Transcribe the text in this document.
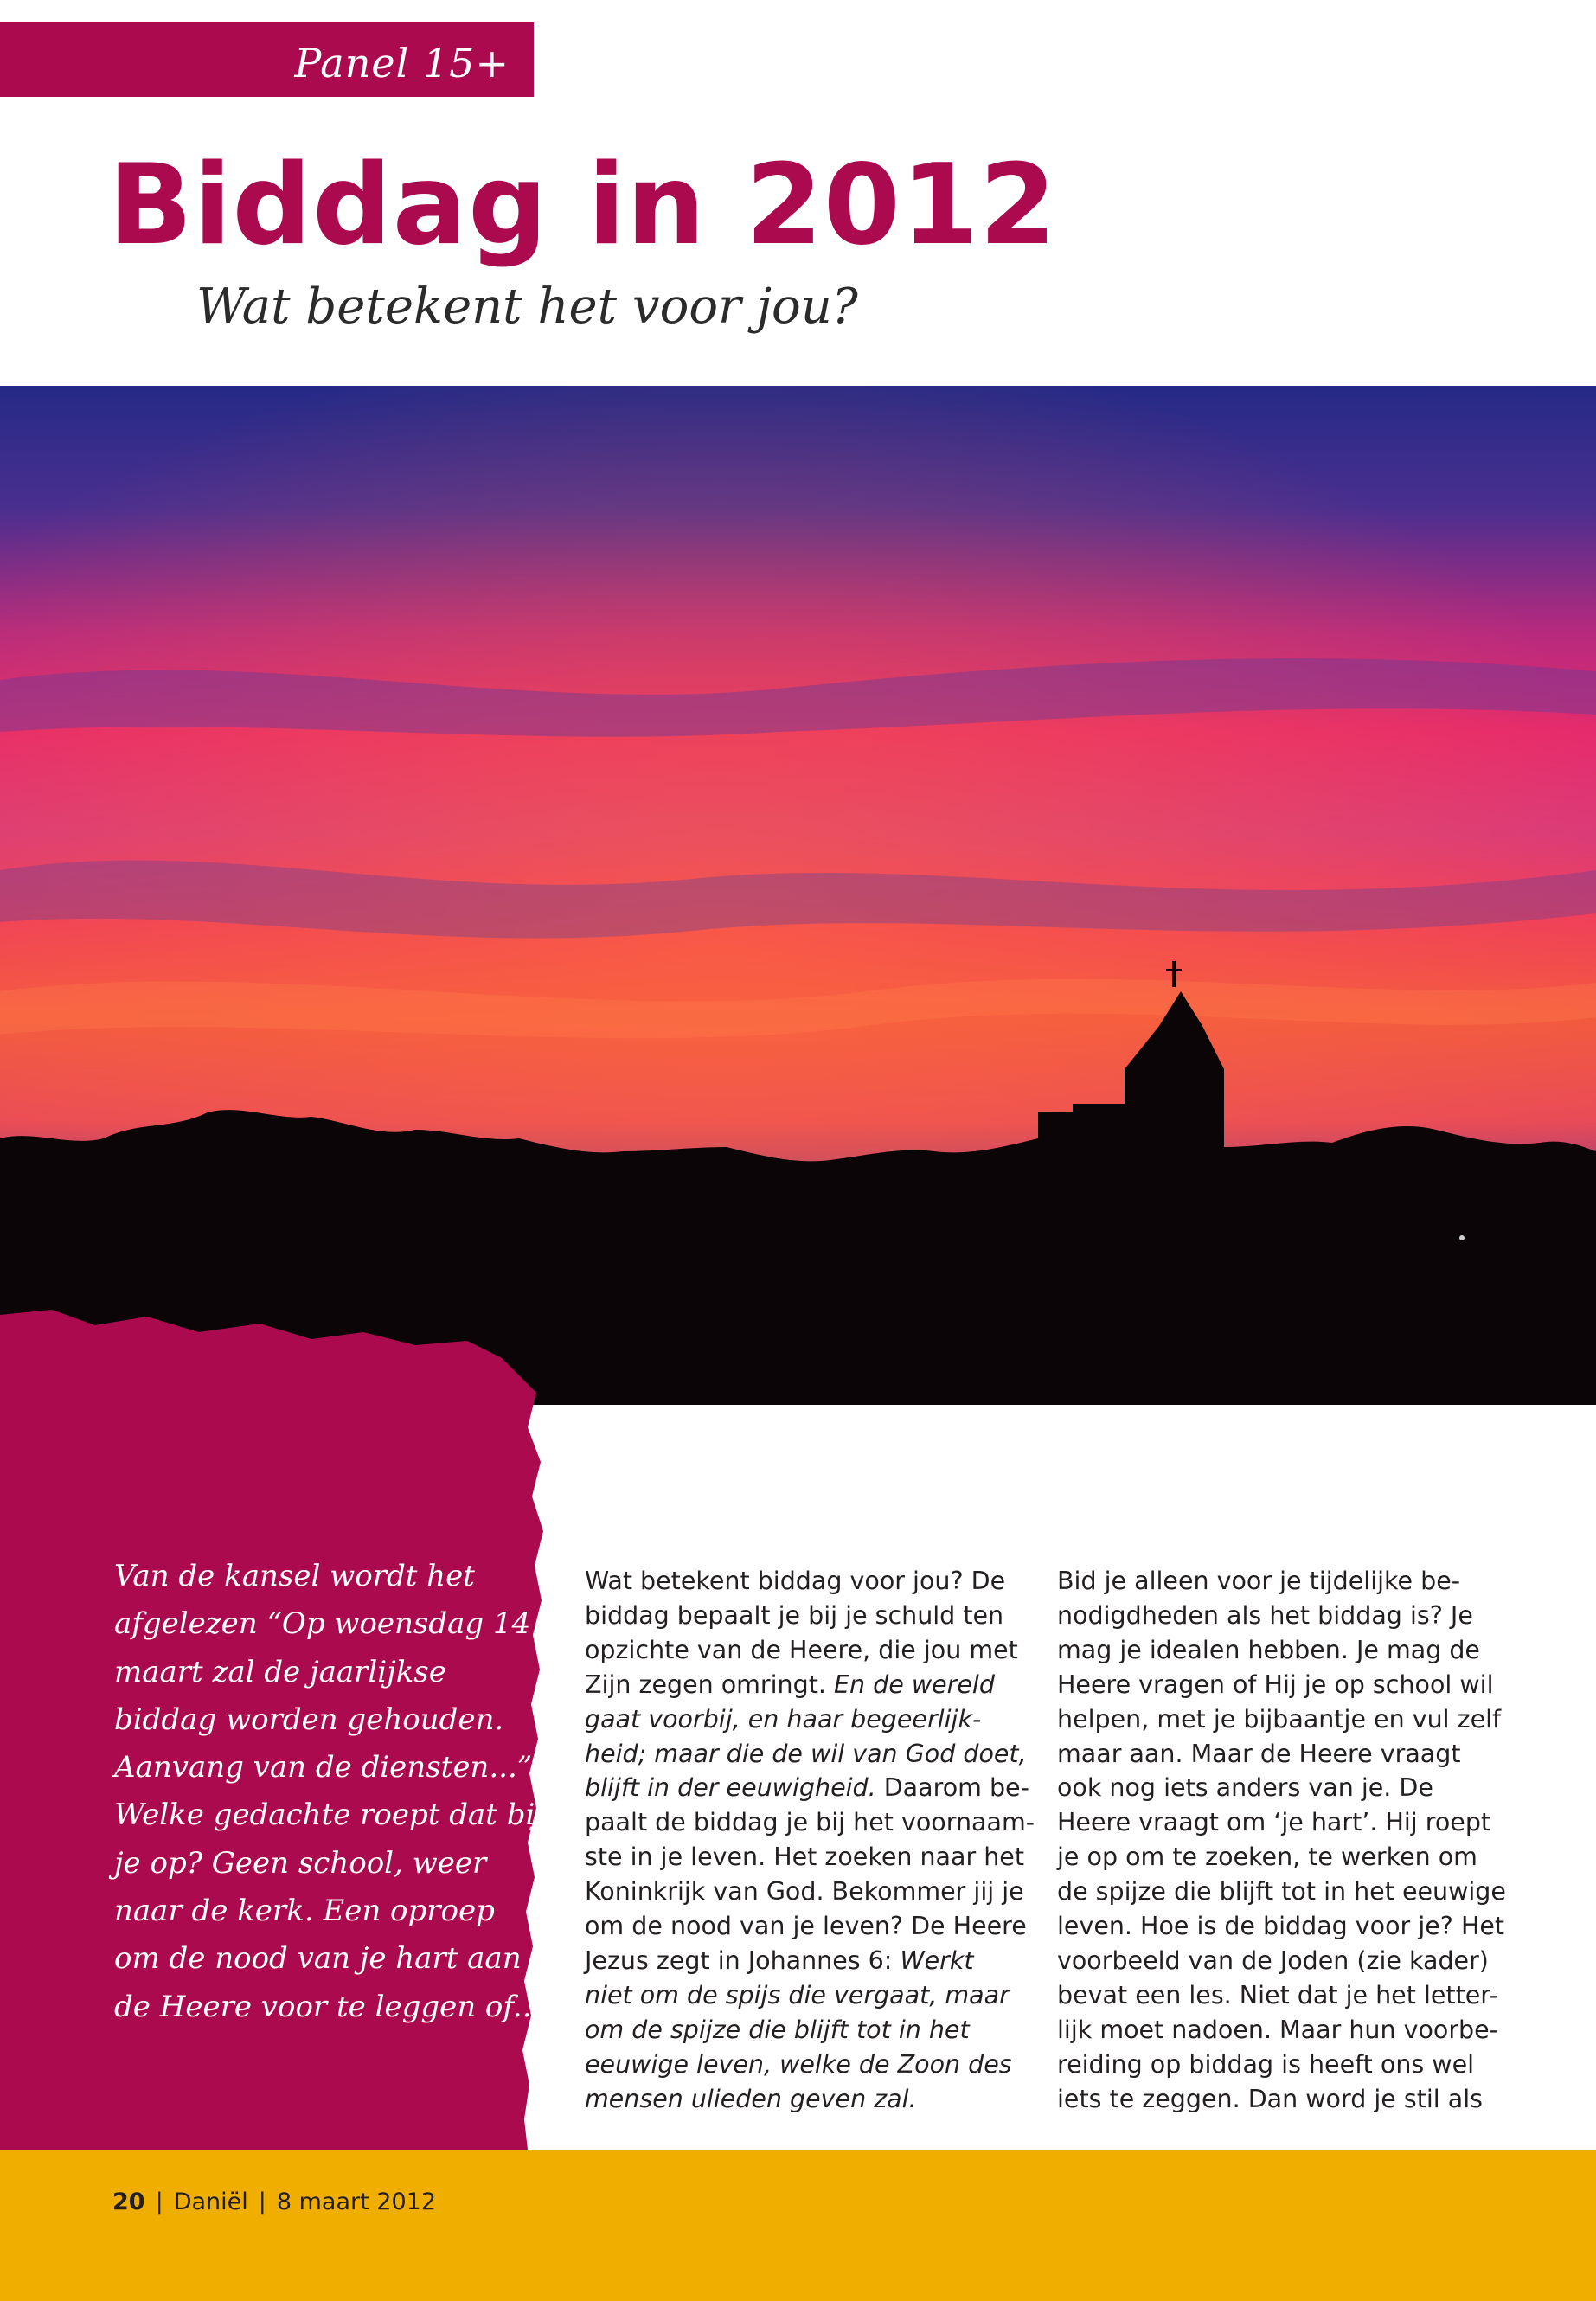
Panel 15+
Biddag in 2012
Wat betekent het voor jou?
Van de kansel wordt het afgelezen “Op woensdag 14 maart zal de jaarlijkse biddag worden gehouden. Aanvang van de diensten...” Welke gedachte roept dat bij je op? Geen school, weer naar de kerk. Een oproep om de nood van je hart aan de Heere voor te leggen of...

Wat betekent biddag voor jou? De

biddag bepaalt je bij je schuld ten

opzichte van de Heere, die jou met

Zijn zegen omringt. En de wereld

gaat voorbij, en haar begeerlijk-

heid; maar die de wil van God doet,

blijft in der eeuwigheid. Daarom be-

paalt de biddag je bij het voornaam-

ste in je leven. Het zoeken naar het

Koninkrijk van God. Bekommer jij je

om de nood van je leven? De Heere

Jezus zegt in Johannes 6: Werkt

niet om de spijs die vergaat, maar

om de spijze die blijft tot in het

eeuwige leven, welke de Zoon des

mensen ulieden geven zal.

Bid je alleen voor je tijdelijke be-

nodigdheden als het biddag is? Je

mag je idealen hebben. Je mag de

Heere vragen of Hij je op school wil

helpen, met je bijbaantje en vul zelf

maar aan. Maar de Heere vraagt

ook nog iets anders van je. De

Heere vraagt om ‘je hart’. Hij roept

je op om te zoeken, te werken om

de spijze die blijft tot in het eeuwige

leven. Hoe is de biddag voor je? Het

voorbeeld van de Joden (zie kader)

bevat een les. Niet dat je het letter-

lijk moet nadoen. Maar hun voorbe-

reiding op biddag is heeft ons wel

iets te zeggen. Dan word je stil als

20 | Daniël | 8 maart 2012
